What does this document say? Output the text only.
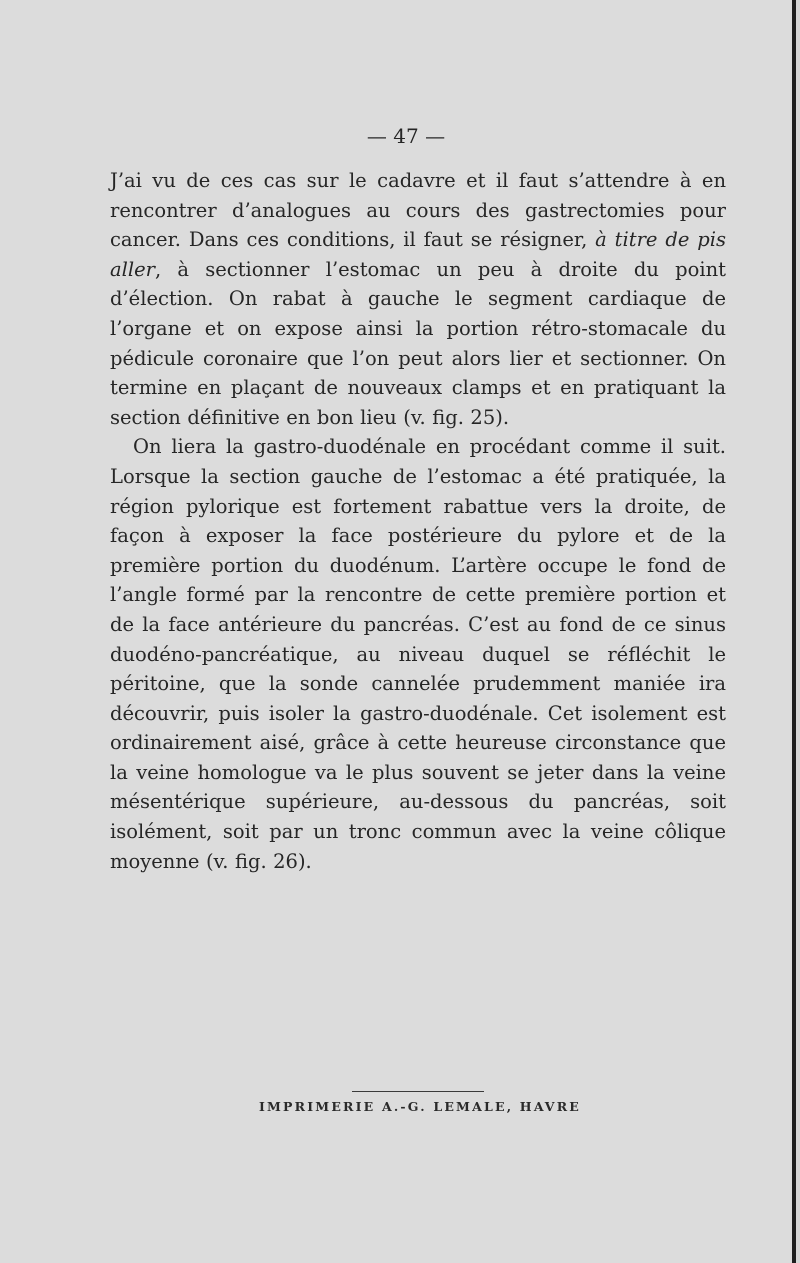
— 47 —

J’ai vu de ces cas sur le cadavre et il faut s’attendre à en rencontrer d’analogues au cours des gastrectomies pour cancer. Dans ces conditions, il faut se résigner, à titre de pis aller, à sectionner l’estomac un peu à droite du point d’élection. On rabat à gauche le segment cardiaque de l’organe et on expose ainsi la portion rétro-stomacale du pédicule coronaire que l’on peut alors lier et sectionner. On termine en plaçant de nouveaux clamps et en pratiquant la section définitive en bon lieu (v. fig. 25).

On liera la gastro-duodénale en procédant comme il suit. Lorsque la section gauche de l’estomac a été pratiquée, la région pylorique est fortement rabattue vers la droite, de façon à exposer la face postérieure du pylore et de la première portion du duodénum. L’artère occupe le fond de l’angle formé par la rencontre de cette première portion et de la face antérieure du pancréas. C’est au fond de ce sinus duodéno-pancréatique, au niveau duquel se réfléchit le péritoine, que la sonde cannelée prudemment maniée ira découvrir, puis isoler la gastro-duodénale. Cet isolement est ordinairement aisé, grâce à cette heureuse circonstance que la veine homologue va le plus souvent se jeter dans la veine mésentérique supérieure, au-dessous du pancréas, soit isolément, soit par un tronc commun avec la veine côlique moyenne (v. fig. 26).

IMPRIMERIE A.-G. LEMALE, HAVRE
